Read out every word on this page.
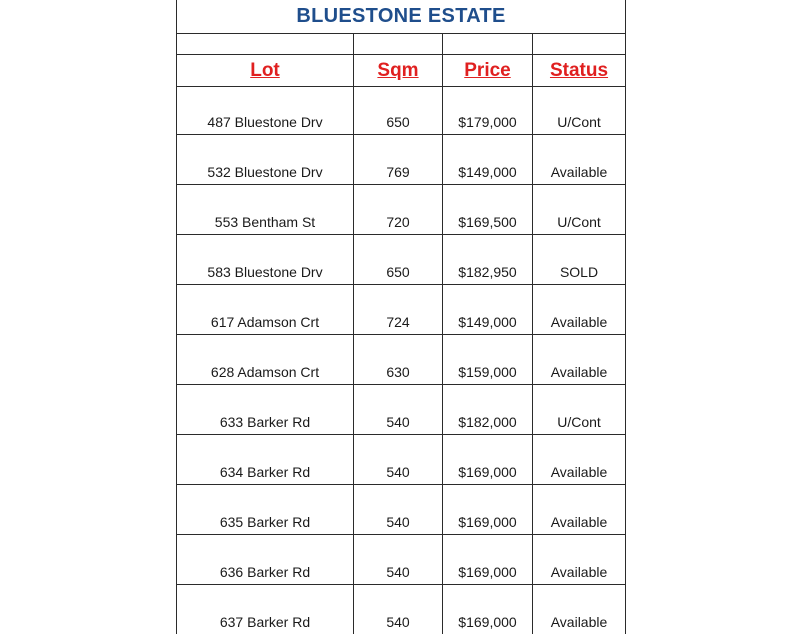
BLUESTONE ESTATE			

Lot	Sqm	Price	Status
487 Bluestone Drv	650	$179,000	U/Cont
532 Bluestone Drv	769	$149,000	Available
553 Bentham St	720	$169,500	U/Cont
583 Bluestone Drv	650	$182,950	SOLD
617 Adamson Crt	724	$149,000	Available
628 Adamson Crt	630	$159,000	Available
633 Barker Rd	540	$182,000	U/Cont
634 Barker Rd	540	$169,000	Available
635 Barker Rd	540	$169,000	Available
636 Barker Rd	540	$169,000	Available
637 Barker Rd	540	$169,000	Available
